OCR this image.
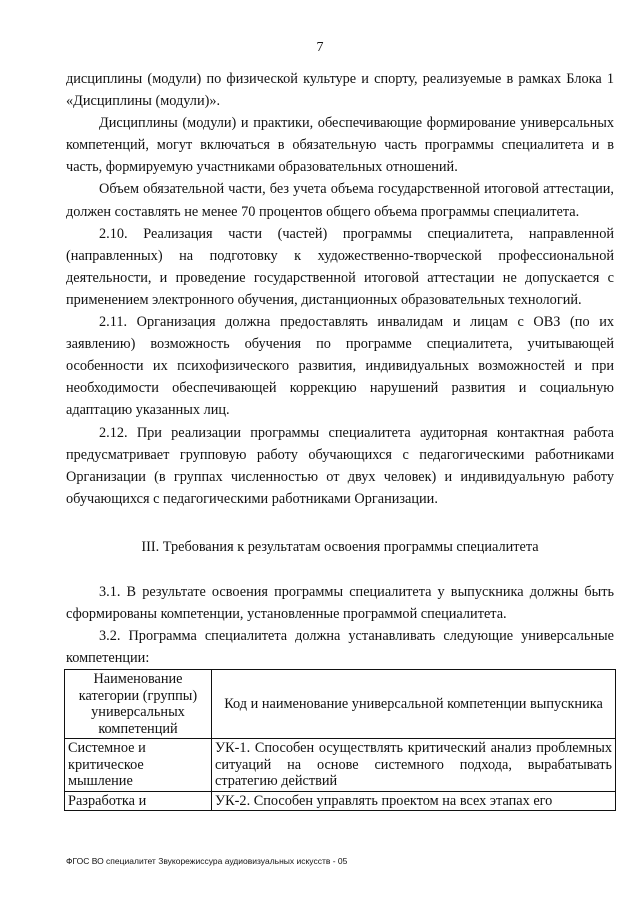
7

дисциплины (модули) по физической культуре и спорту, реализуемые в рамках Блока 1 «Дисциплины (модули)».

Дисциплины (модули) и практики, обеспечивающие формирование универсальных компетенций, могут включаться в обязательную часть программы специалитета и в часть, формируемую участниками образовательных отношений.

Объем обязательной части, без учета объема государственной итоговой аттестации, должен составлять не менее 70 процентов общего объема программы специалитета.

2.10. Реализация части (частей) программы специалитета, направленной (направленных) на подготовку к художественно-творческой профессиональной деятельности, и проведение государственной итоговой аттестации не допускается с применением электронного обучения, дистанционных образовательных технологий.

2.11. Организация должна предоставлять инвалидам и лицам с ОВЗ (по их заявлению) возможность обучения по программе специалитета, учитывающей особенности их психофизического развития, индивидуальных возможностей и при необходимости обеспечивающей коррекцию нарушений развития и социальную адаптацию указанных лиц.

2.12. При реализации программы специалитета аудиторная контактная работа предусматривает групповую работу обучающихся с педагогическими работниками Организации (в группах численностью от двух человек) и индивидуальную работу обучающихся с педагогическими работниками Организации.

III. Требования к результатам освоения программы специалитета

3.1. В результате освоения программы специалитета у выпускника должны быть сформированы компетенции, установленные программой специалитета.

3.2. Программа специалитета должна устанавливать следующие универсальные компетенции:

Наименование категории (группы) универсальных компетенций	Код и наименование универсальной компетенции выпускника
Системное и критическое мышление	УК-1. Способен осуществлять критический анализ проблемных ситуаций на основе системного подхода, вырабатывать стратегию действий
Разработка и	УК-2. Способен управлять проектом на всех этапах его
ФГОС ВО специалитет Звукорежиссура аудиовизуальных искусств - 05
